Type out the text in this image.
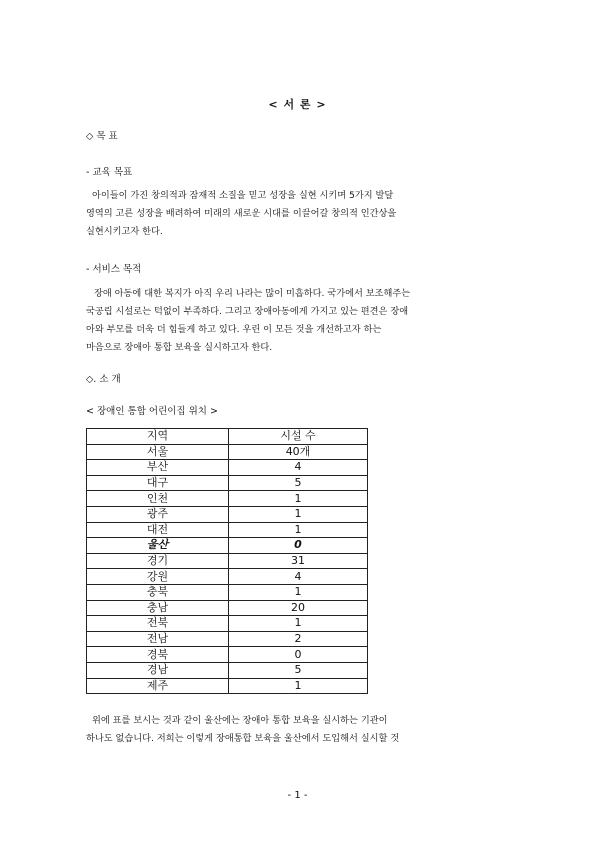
< 서 론 >
◇ 목 표
- 교육 목표
아이들이 가진 창의적과 잠재적 소질을 믿고 성장을 실현 시키며 5가지 발달
영역의 고른 성장을 배려하여 미래의 새로운 시대를 이끌어갈 창의적 인간상을
실현시키고자 한다.
- 서비스 목적
장애 아동에 대한 복지가 아직 우리 나라는 많이 미흡하다. 국가에서 보조해주는
국공립 시설로는 턱없이 부족하다. 그리고 장애아동에게 가지고 있는 편견은 장애
아와 부모를 더욱 더 힘들게 하고 있다. 우린 이 모든 것을 개선하고자 하는
마음으로 장애아 통합 보육을 실시하고자 한다.
◇. 소 개
< 장애인 통합 어린이집 위치 >
지역	시설 수
서울	40개
부산	4
대구	5
인천	1
광주	1
대전	1
울산	0
경기	31
강원	4
충북	1
충남	20
전북	1
전남	2
경북	0
경남	5
제주	1
위에 표를 보시는 것과 같이 울산에는 장애아 통합 보육을 실시하는 기관이
하나도 없습니다. 저희는 이렇게 장애통합 보육을 울산에서 도입해서 실시할 것
- 1 -
